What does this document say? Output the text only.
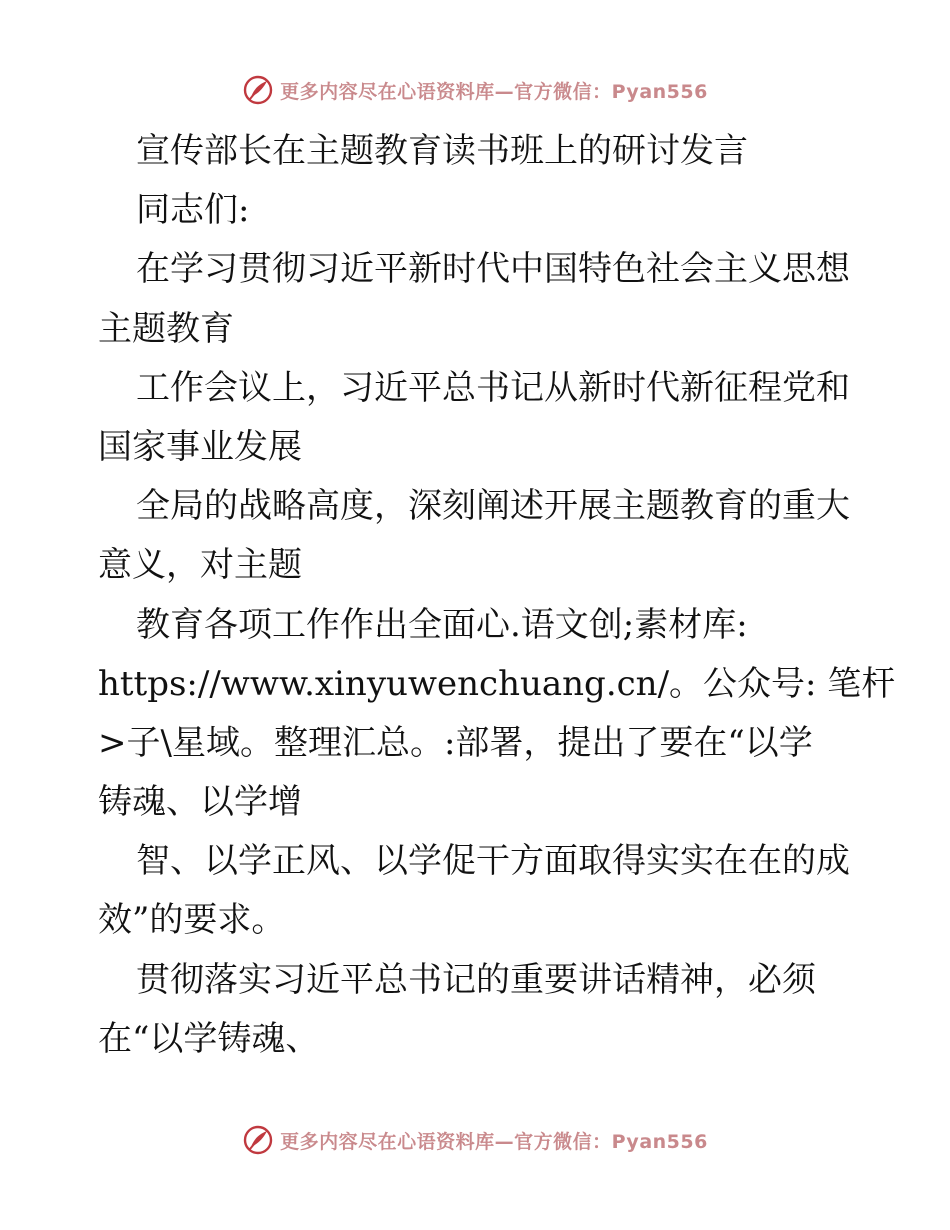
更多内容尽在心语资料库—官方微信：Pyan556
宣传部长在主题教育读书班上的研讨发言
同志们:
在学习贯彻习近平新时代中国特色社会主义思想
主题教育
工作会议上，习近平总书记从新时代新征程党和
国家事业发展
全局的战略高度，深刻阐述开展主题教育的重大
意义，对主题
教育各项工作作出全面心.语文创;素材库:
https://www.xinyuwenchuang.cn/。公众号: 笔杆
>子\星域。整理汇总。:部署，提出了要在“以学
铸魂、以学增
智、以学正风、以学促干方面取得实实在在的成
效”的要求。
贯彻落实习近平总书记的重要讲话精神，必须
在“以学铸魂、
更多内容尽在心语资料库—官方微信：Pyan556
